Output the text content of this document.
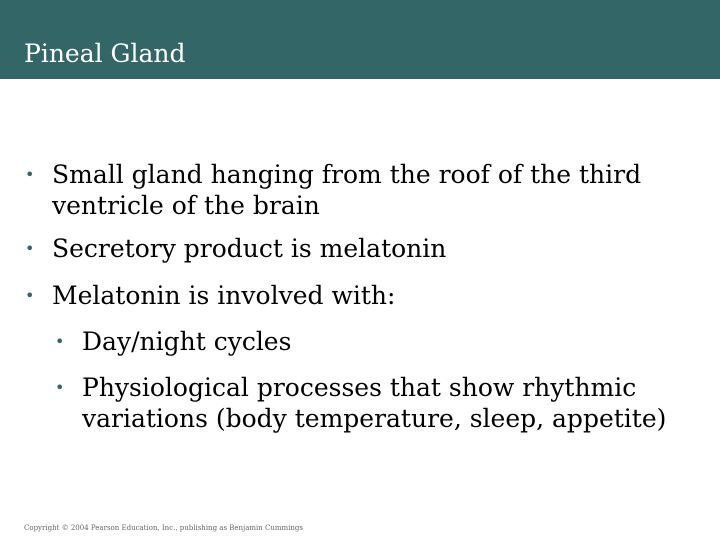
Pineal Gland
• Small gland hanging from the roof of the third
ventricle of the brain
• Secretory product is melatonin
• Melatonin is involved with:
• Day/night cycles
• Physiological processes that show rhythmic
variations (body temperature, sleep, appetite)
Copyright © 2004 Pearson Education, Inc., publishing as Benjamin Cummings
